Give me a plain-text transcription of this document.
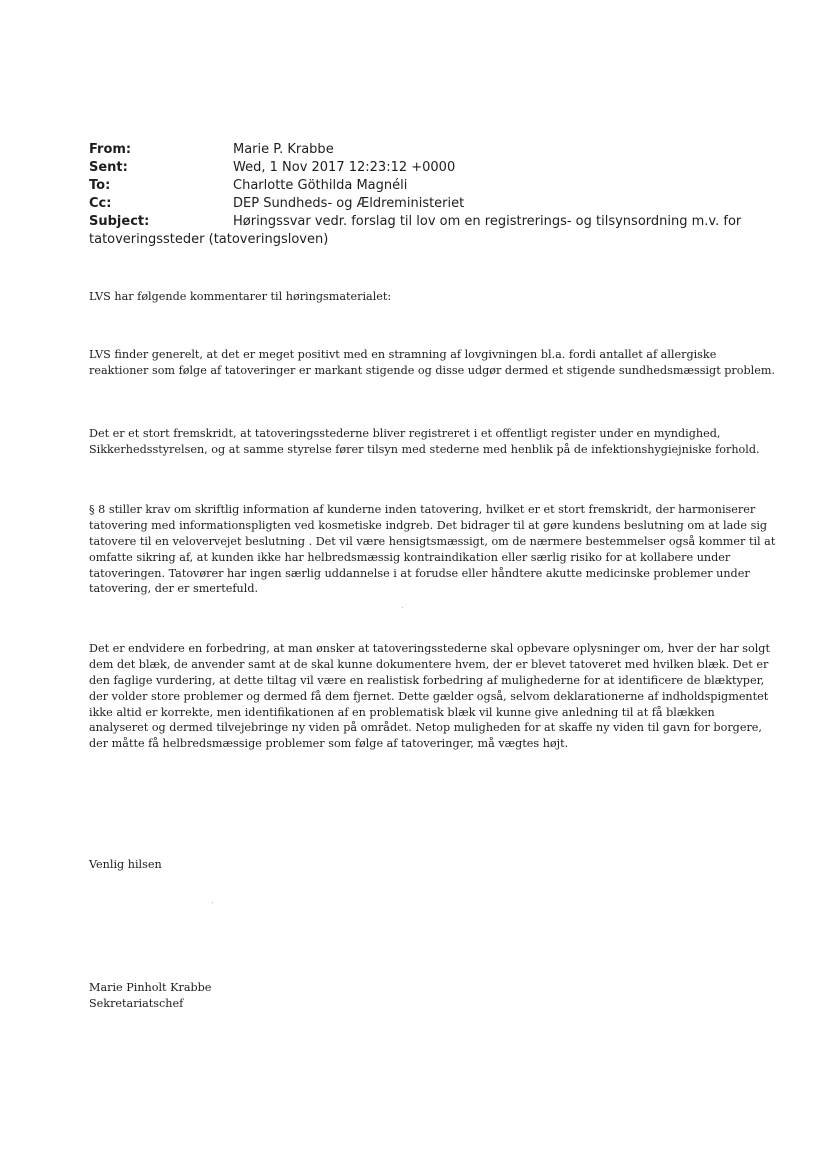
From:	Marie P. Krabbe
Sent:	Wed, 1 Nov 2017 12:23:12 +0000
To:	Charlotte Göthilda Magnéli
Cc:	DEP Sundheds- og Ældreministeriet
Subject:	Høringssvar vedr. forslag til lov om en registrerings- og tilsynsordning m.v. for
tatoveringssteder (tatoveringsloven)
LVS har følgende kommentarer til høringsmaterialet:
LVS finder generelt, at det er meget positivt med en stramning af lovgivningen bl.a. fordi antallet af allergiske
reaktioner som følge af tatoveringer er markant stigende og disse udgør dermed et stigende sundhedsmæssigt problem.
Det er et stort fremskridt, at tatoveringsstederne bliver registreret i et offentligt register under en myndighed,
Sikkerhedsstyrelsen, og at samme styrelse fører tilsyn med stederne med henblik på de infektionshygiejniske forhold.
§ 8 stiller krav om skriftlig information af kunderne inden tatovering, hvilket er et stort fremskridt, der harmoniserer
tatovering med informationspligten ved kosmetiske indgreb. Det bidrager til at gøre kundens beslutning om at lade sig
tatovere til en velovervejet beslutning . Det vil være hensigtsmæssigt, om de nærmere bestemmelser også kommer til at
omfatte sikring af, at kunden ikke har helbredsmæssig kontraindikation eller særlig risiko for at kollabere under
tatoveringen. Tatovører har ingen særlig uddannelse i at forudse eller håndtere akutte medicinske problemer under
tatovering, der er smertefuld.
Det er endvidere en forbedring, at man ønsker at tatoveringsstederne skal opbevare oplysninger om, hver der har solgt
dem det blæk, de anvender samt at de skal kunne dokumentere hvem, der er blevet tatoveret med hvilken blæk. Det er
den faglige vurdering, at dette tiltag vil være en realistisk forbedring af mulighederne for at identificere de blæktyper,
der volder store problemer og dermed få dem fjernet. Dette gælder også, selvom deklarationerne af indholdspigmentet
ikke altid er korrekte, men identifikationen af en problematisk blæk vil kunne give anledning til at få blækken
analyseret og dermed tilvejebringe ny viden på området. Netop muligheden for at skaffe ny viden til gavn for borgere,
der måtte få helbredsmæssige problemer som følge af tatoveringer, må vægtes højt.
Venlig hilsen
Marie Pinholt Krabbe
Sekretariatschef
